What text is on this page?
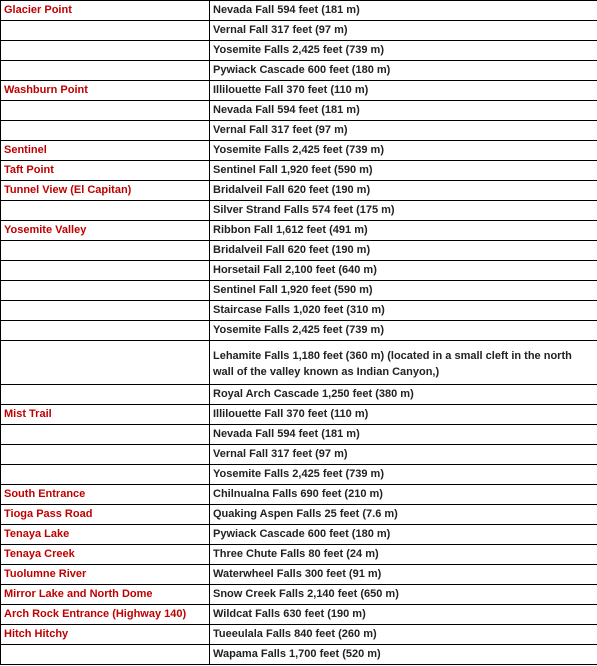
Glacier Point	Nevada Fall 594 feet (181 m)
	Vernal Fall 317 feet (97 m)
	Yosemite Falls 2,425 feet (739 m)
	Pywiack Cascade 600 feet (180 m)
Washburn Point	Illilouette Fall 370 feet (110 m)
	Nevada Fall 594 feet (181 m)
	Vernal Fall 317 feet (97 m)
Sentinel	Yosemite Falls 2,425 feet (739 m)
Taft Point	Sentinel Fall 1,920 feet (590 m)
Tunnel View (El Capitan)	Bridalveil Fall 620 feet (190 m)
	Silver Strand Falls 574 feet (175 m)
Yosemite Valley	Ribbon Fall 1,612 feet (491 m)
	Bridalveil Fall 620 feet (190 m)
	Horsetail Fall 2,100 feet (640 m)
	Sentinel Fall 1,920 feet (590 m)
	Staircase Falls 1,020 feet (310 m)
	Yosemite Falls 2,425 feet (739 m)
	Lehamite Falls 1,180 feet (360 m) (located in a small cleft in the north wall of the valley known as Indian Canyon,)
	Royal Arch Cascade 1,250 feet (380 m)
Mist Trail	Illilouette Fall 370 feet (110 m)
	Nevada Fall 594 feet (181 m)
	Vernal Fall 317 feet (97 m)
	Yosemite Falls 2,425 feet (739 m)
South Entrance	Chilnualna Falls 690 feet (210 m)
Tioga Pass Road	Quaking Aspen Falls 25 feet (7.6 m)
Tenaya Lake	Pywiack Cascade 600 feet (180 m)
Tenaya Creek	Three Chute Falls 80 feet (24 m)
Tuolumne River	Waterwheel Falls 300 feet (91 m)
Mirror Lake and North Dome	Snow Creek Falls 2,140 feet (650 m)
Arch Rock Entrance (Highway 140)	Wildcat Falls 630 feet (190 m)
Hitch Hitchy	Tueeulala Falls 840 feet (260 m)
	Wapama Falls 1,700 feet (520 m)
